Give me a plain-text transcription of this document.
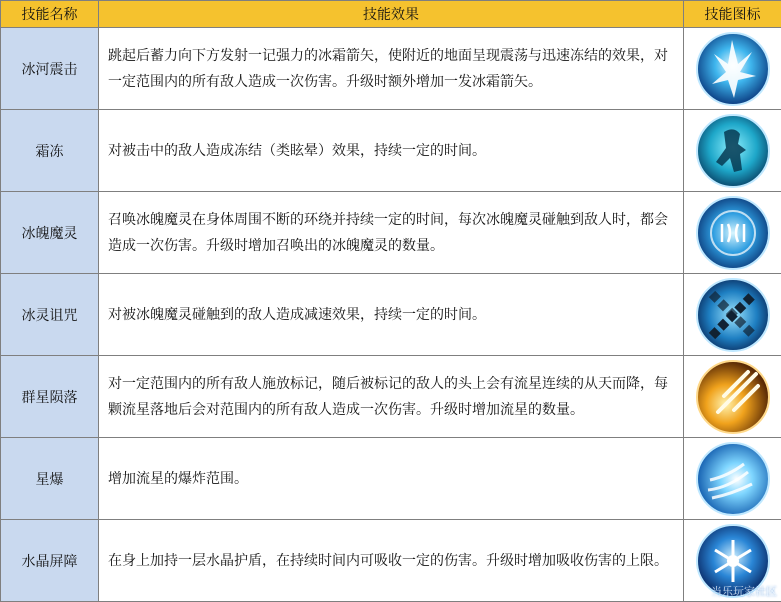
技能名称	技能效果	技能图标
冰河震击	跳起后蓄力向下方发射一记强力的冰霜箭矢，使附近的地面呈现震荡与迅速冻结的效果，对一定范围内的所有敌人造成一次伤害。升级时额外增加一发冰霜箭矢。	

霜冻	对被击中的敌人造成冻结（类眩晕）效果，持续一定的时间。	

冰魄魔灵	召唤冰魄魔灵在身体周围不断的环绕并持续一定的时间，每次冰魄魔灵碰触到敌人时，都会造成一次伤害。升级时增加召唤出的冰魄魔灵的数量。	

冰灵诅咒	对被冰魄魔灵碰触到的敌人造成减速效果，持续一定的时间。	

群星陨落	对一定范围内的所有敌人施放标记，随后被标记的敌人的头上会有流星连续的从天而降，每颗流星落地后会对范围内的所有敌人造成一次伤害。升级时增加流星的数量。	

星爆	增加流星的爆炸范围。	

水晶屏障	在身上加持一层水晶护盾，在持续时间内可吸收一定的伤害。升级时增加吸收伤害的上限。	
当乐玩家社区
